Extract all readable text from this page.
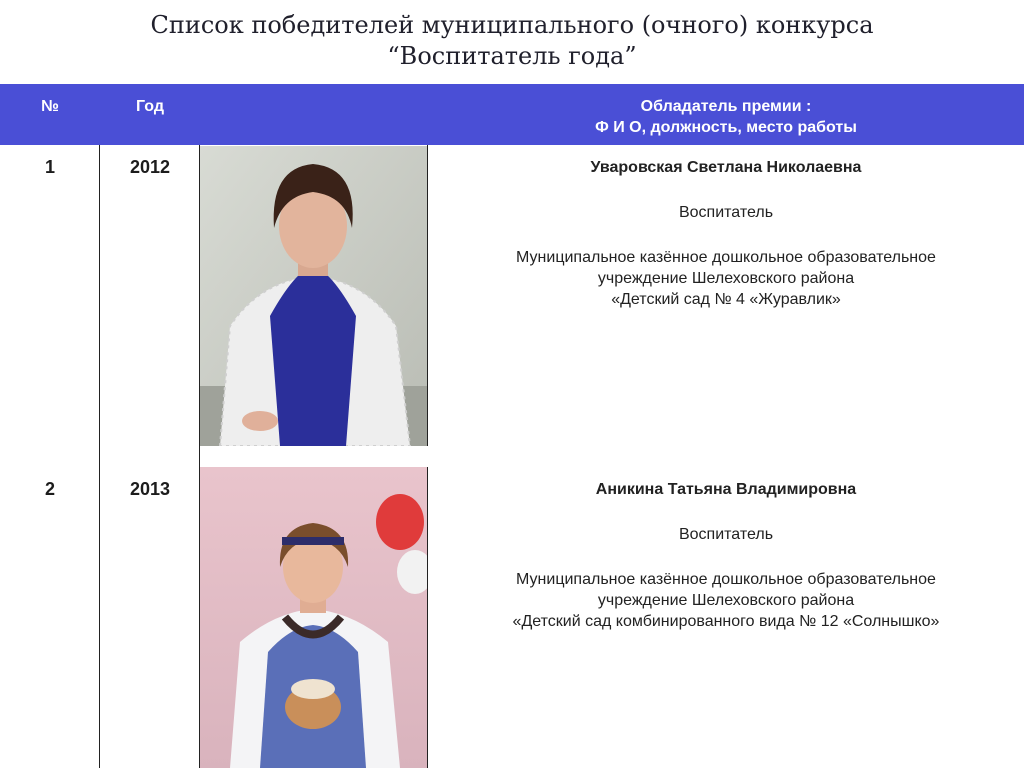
Список победителей муниципального (очного) конкурса
“Воспитатель года”
№	Год	Обладатель премии :
Ф И О, должность, место работы
1	2012	Уваровская Светлана Николаевна
Воспитатель
Муниципальное казённое дошкольное образовательное
учреждение Шелеховского района
«Детский сад № 4 «Журавлик»
2	2013	Аникина Татьяна Владимировна
Воспитатель
Муниципальное казённое дошкольное образовательное
учреждение Шелеховского района
«Детский сад комбинированного вида № 12 «Солнышко»
